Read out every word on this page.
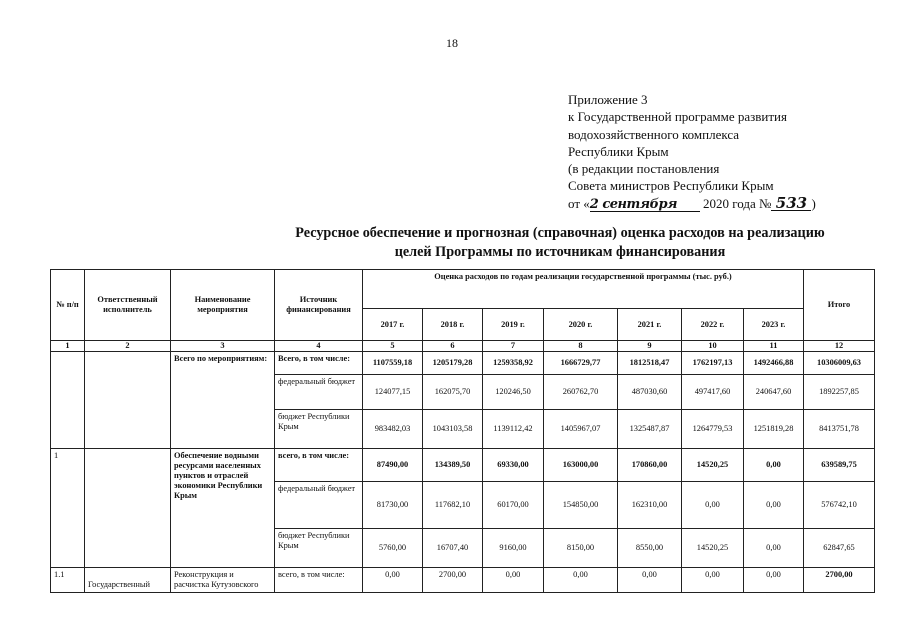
18
Приложение 3
к Государственной программе развития
водохозяйственного комплекса
Республики Крым
(в редакции постановления
Совета министров Республики Крым
от «2 сентября 2020 года № 533 )
Ресурсное обеспечение и прогнозная (справочная) оценка расходов на реализацию
целей Программы по источникам финансирования
№ п/п	Ответственный исполнитель	Наименование мероприятия	Источник финансирования	Оценка расходов по годам реализации государственной программы (тыс. руб.)							Итого
				2017 г.	2018 г.	2019 г.	2020 г.	2021 г.	2022 г.	2023 г.	
1	2	3	4	5	6	7	8	9	10	11	12
		Всего по мероприятиям:	Всего, в том числе:	1107559,18	1205179,28	1259358,92	1666729,77	1812518,47	1762197,13	1492466,88	10306009,63
			федеральный бюджет	124077,15	162075,70	120246,50	260762,70	487030,60	497417,60	240647,60	1892257,85
			бюджет Республики Крым	983482,03	1043103,58	1139112,42	1405967,07	1325487,87	1264779,53	1251819,28	8413751,78
1		Обеспечение водными ресурсами населенных пунктов и отраслей экономики Республики Крым	всего, в том числе:	87490,00	134389,50	69330,00	163000,00	170860,00	14520,25	0,00	639589,75
			федеральный бюджет	81730,00	117682,10	60170,00	154850,00	162310,00	0,00	0,00	576742,10
			бюджет Республики Крым	5760,00	16707,40	9160,00	8150,00	8550,00	14520,25	0,00	62847,65
1.1	Государственный	Реконструкция и расчистка Кутузовского	всего, в том числе:	0,00	2700,00	0,00	0,00	0,00	0,00	0,00	2700,00
